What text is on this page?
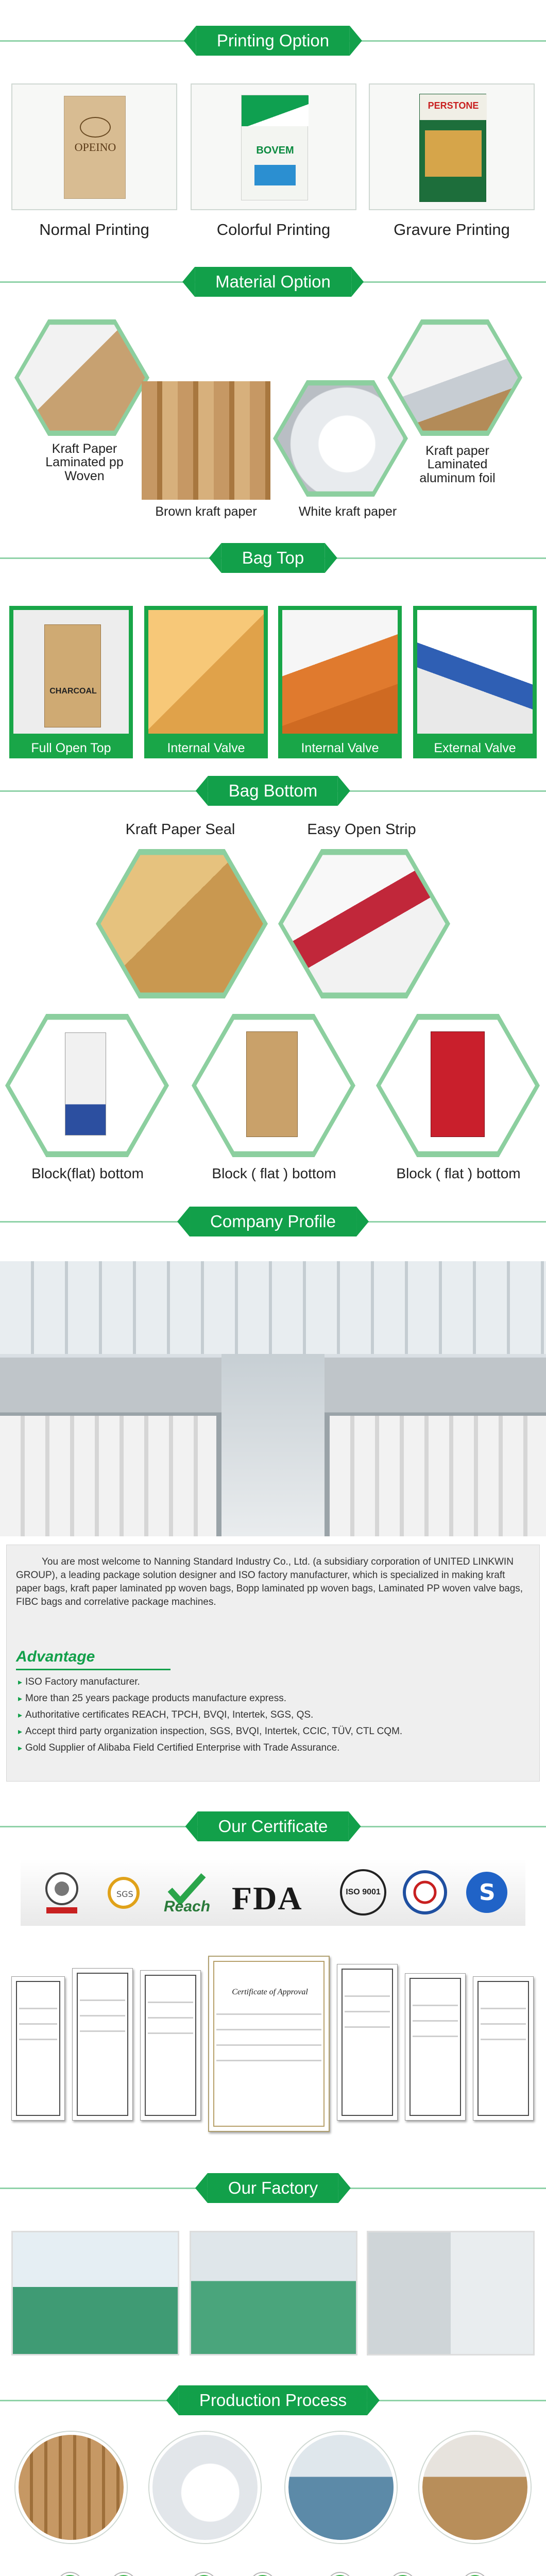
Printing Option
OPEINO
Normal Printing
BOVEM
Colorful Printing
PERSTONE
Gravure Printing
Material Option
Kraft Paper Laminated pp Woven
Brown kraft paper	White kraft paper
Kraft paper Laminated aluminum foil
Bag Top
CHARCOAL
Full Open Top	Internal Valve	Internal Valve	External Valve
Bag Bottom
Kraft Paper Seal	Easy Open Strip
Block(flat) bottom	Block ( flat ) bottom	Block ( flat ) bottom
Company Profile

You are most welcome to Nanning Standard Industry Co., Ltd. (a subsidiary corporation of UNITED LINKWIN GROUP), a leading package solution designer and ISO factory manufacturer, which is specialized in making kraft paper bags, kraft paper laminated pp woven bags, Bopp laminated pp woven bags, Laminated PP woven valve bags, FIBC bags and correlative package machines.

Advantage
▸ ISO Factory manufacturer.
▸ More than 25 years package products manufacture express.
▸ Authoritative certificates REACH, TPCH, BVQI, Intertek, SGS, QS.
▸ Accept third party organization inspection, SGS, BVQI, Intertek, CCIC, TÜV, CTL CQM.
▸ Gold Supplier of Alibaba Field Certified Enterprise with Trade Assurance.
Our Certificate
SGS
Reach FDA	ISO 9001	S
Certificate of Approval
Our Factory
Production Process
